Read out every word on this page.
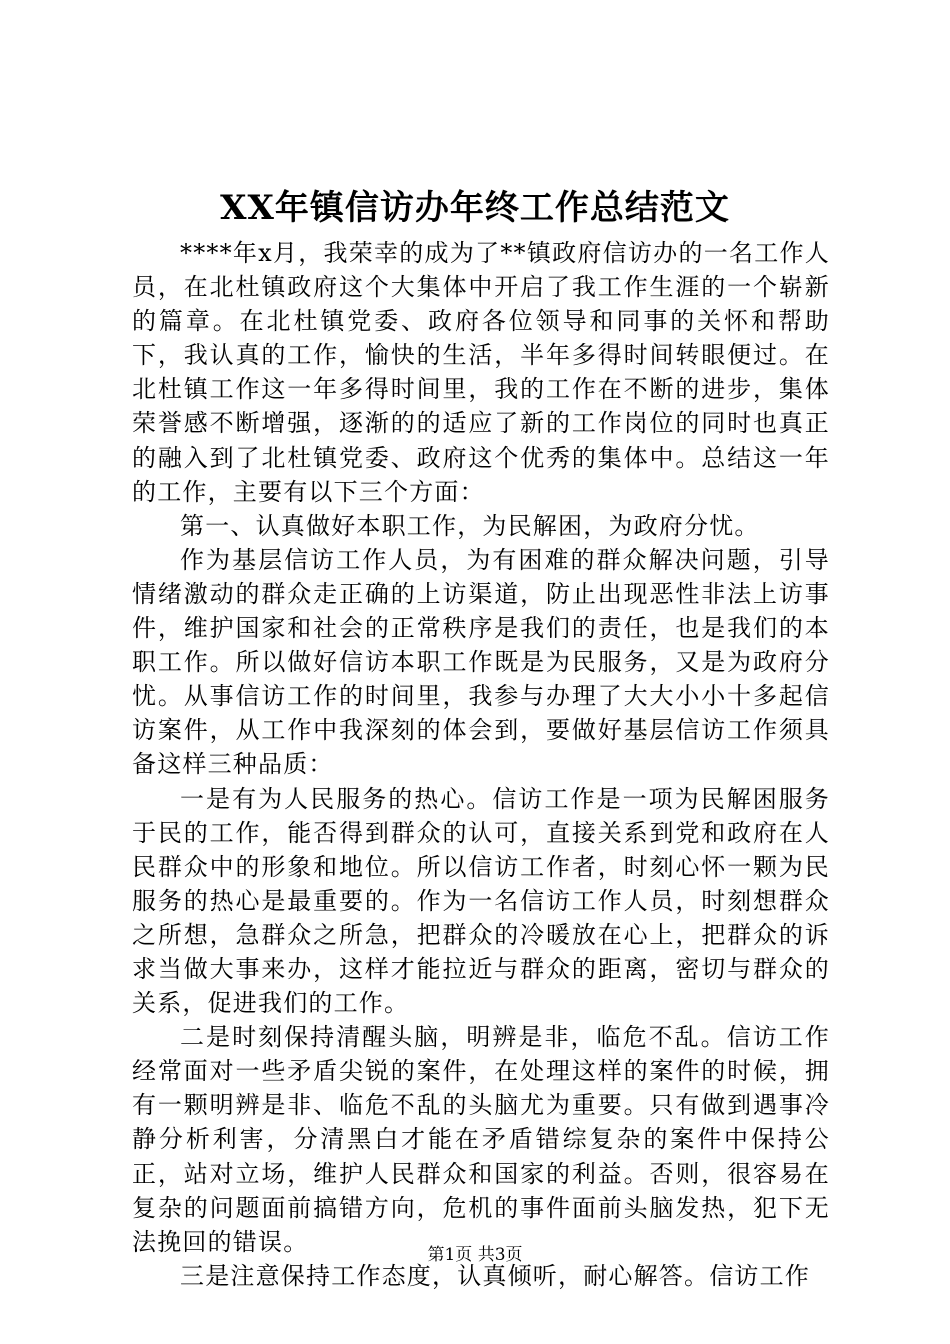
XX年镇信访办年终工作总结范文

****年x月，我荣幸的成为了**镇政府信访办的一名工作人员，在北杜镇政府这个大集体中开启了我工作生涯的一个崭新的篇章。在北杜镇党委、政府各位领导和同事的关怀和帮助下，我认真的工作，愉快的生活，半年多得时间转眼便过。在北杜镇工作这一年多得时间里，我的工作在不断的进步，集体荣誉感不断增强，逐渐的的适应了新的工作岗位的同时也真正的融入到了北杜镇党委、政府这个优秀的集体中。总结这一年的工作，主要有以下三个方面：

第一、认真做好本职工作，为民解困，为政府分忧。

作为基层信访工作人员，为有困难的群众解决问题，引导情绪激动的群众走正确的上访渠道，防止出现恶性非法上访事件，维护国家和社会的正常秩序是我们的责任，也是我们的本职工作。所以做好信访本职工作既是为民服务，又是为政府分忧。从事信访工作的时间里，我参与办理了大大小小十多起信访案件，从工作中我深刻的体会到，要做好基层信访工作须具备这样三种品质：

一是有为人民服务的热心。信访工作是一项为民解困服务于民的工作，能否得到群众的认可，直接关系到党和政府在人民群众中的形象和地位。所以信访工作者，时刻心怀一颗为民服务的热心是最重要的。作为一名信访工作人员，时刻想群众之所想，急群众之所急，把群众的冷暖放在心上，把群众的诉求当做大事来办，这样才能拉近与群众的距离，密切与群众的关系，促进我们的工作。

二是时刻保持清醒头脑，明辨是非，临危不乱。信访工作经常面对一些矛盾尖锐的案件，在处理这样的案件的时候，拥有一颗明辨是非、临危不乱的头脑尤为重要。只有做到遇事冷静分析利害，分清黑白才能在矛盾错综复杂的案件中保持公正，站对立场，维护人民群众和国家的利益。否则，很容易在复杂的问题面前搞错方向，危机的事件面前头脑发热，犯下无法挽回的错误。

三是注意保持工作态度，认真倾听，耐心解答。信访工作

第1页 共3页
